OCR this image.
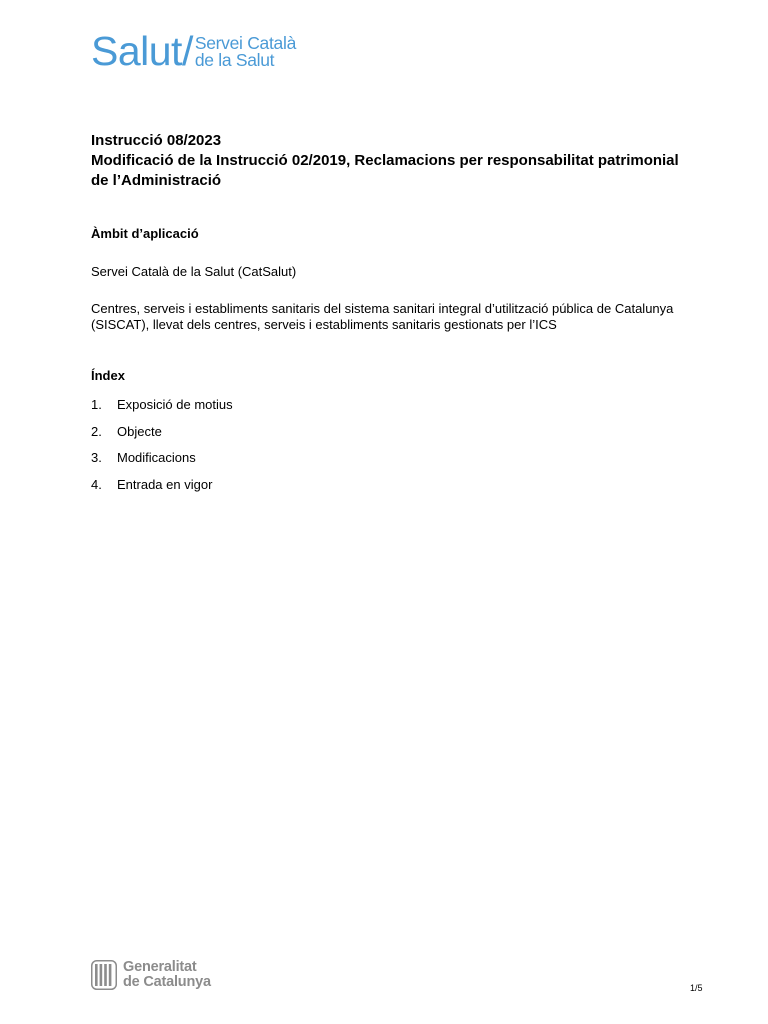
Salut/ Servei Català
de la Salut
Instrucció 08/2023
Modificació de la Instrucció 02/2019, Reclamacions per responsabilitat patrimonial de l’Administració
Àmbit d’aplicació
Servei Català de la Salut (CatSalut)
Centres, serveis i establiments sanitaris del sistema sanitari integral d’utilització pública de Catalunya (SISCAT), llevat dels centres, serveis i establiments sanitaris gestionats per l’ICS
Índex
1.	Exposició de motius
2.	Objecte
3.	Modificacions
4.	Entrada en vigor
Generalitat
de Catalunya	1/5
